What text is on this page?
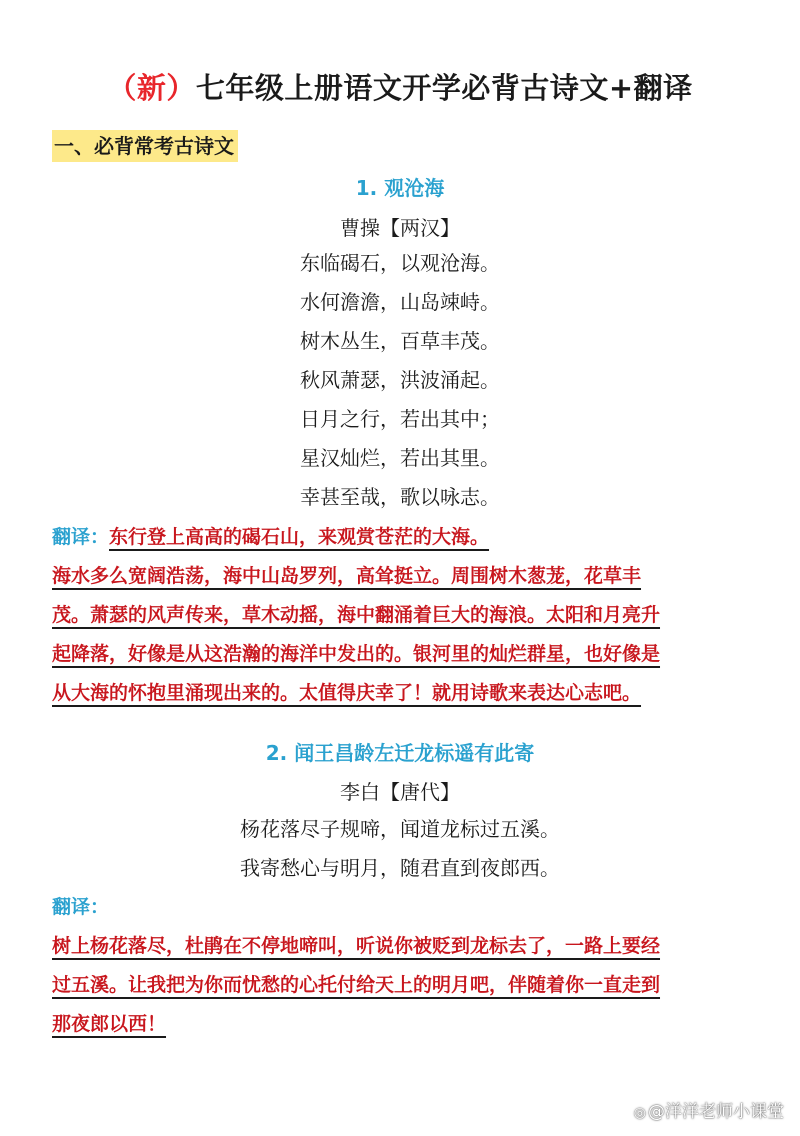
（新）七年级上册语文开学必背古诗文+翻译
一、必背常考古诗文
1. 观沧海
曹操【两汉】
东临碣石，以观沧海。
水何澹澹，山岛竦峙。
树木丛生，百草丰茂。
秋风萧瑟，洪波涌起。
日月之行，若出其中；
星汉灿烂，若出其里。
幸甚至哉，歌以咏志。
翻译：东行登上高高的碣石山，来观赏苍茫的大海。
海水多么宽阔浩荡，海中山岛罗列，高耸挺立。周围树木葱茏，花草丰
茂。萧瑟的风声传来，草木动摇，海中翻涌着巨大的海浪。太阳和月亮升
起降落，好像是从这浩瀚的海洋中发出的。银河里的灿烂群星，也好像是
从大海的怀抱里涌现出来的。太值得庆幸了！就用诗歌来表达心志吧。
2. 闻王昌龄左迁龙标遥有此寄
李白【唐代】
杨花落尽子规啼，闻道龙标过五溪。
我寄愁心与明月，随君直到夜郎西。
翻译：
树上杨花落尽，杜鹃在不停地啼叫，听说你被贬到龙标去了，一路上要经
过五溪。让我把为你而忧愁的心托付给天上的明月吧，伴随着你一直走到
那夜郎以西！
◎ @洋洋老师小课堂
